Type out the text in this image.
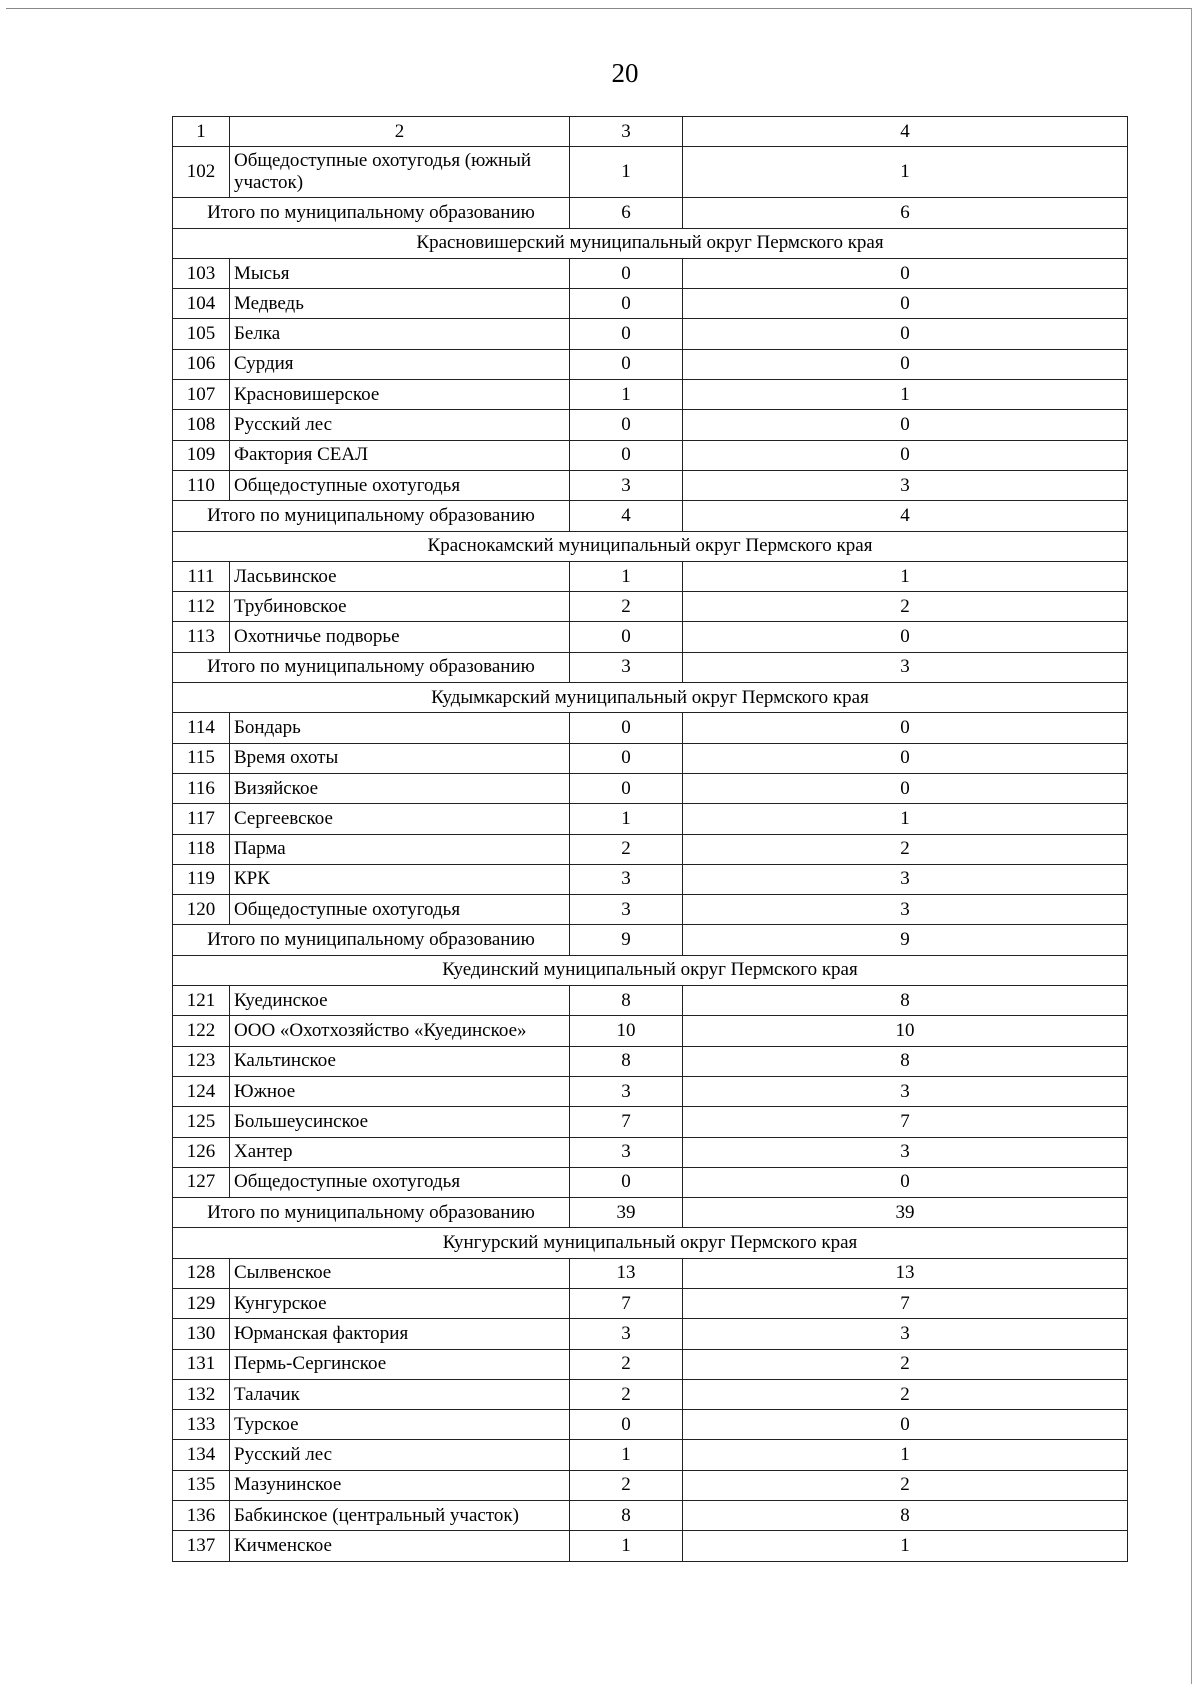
20
1	2	3	4
102	Общедоступные охотугодья (южный участок)	1	1
Итого по муниципальному образованию		6	6
Красновишерский муниципальный округ Пермского края			
103	Мысья	0	0
104	Медведь	0	0
105	Белка	0	0
106	Сурдия	0	0
107	Красновишерское	1	1
108	Русский лес	0	0
109	Фактория СЕАЛ	0	0
110	Общедоступные охотугодья	3	3
Итого по муниципальному образованию		4	4
Краснокамский муниципальный округ Пермского края			
111	Ласьвинское	1	1
112	Трубиновское	2	2
113	Охотничье подворье	0	0
Итого по муниципальному образованию		3	3
Кудымкарский муниципальный округ Пермского края			
114	Бондарь	0	0
115	Время охоты	0	0
116	Визяйское	0	0
117	Сергеевское	1	1
118	Парма	2	2
119	КРК	3	3
120	Общедоступные охотугодья	3	3
Итого по муниципальному образованию		9	9
Куединский муниципальный округ Пермского края			
121	Куединское	8	8
122	ООО «Охотхозяйство «Куединское»	10	10
123	Кальтинское	8	8
124	Южное	3	3
125	Большеусинское	7	7
126	Хантер	3	3
127	Общедоступные охотугодья	0	0
Итого по муниципальному образованию		39	39
Кунгурский муниципальный округ Пермского края			
128	Сылвенское	13	13
129	Кунгурское	7	7
130	Юрманская фактория	3	3
131	Пермь-Сергинское	2	2
132	Талачик	2	2
133	Турское	0	0
134	Русский лес	1	1
135	Мазунинское	2	2
136	Бабкинское (центральный участок)	8	8
137	Кичменское	1	1
